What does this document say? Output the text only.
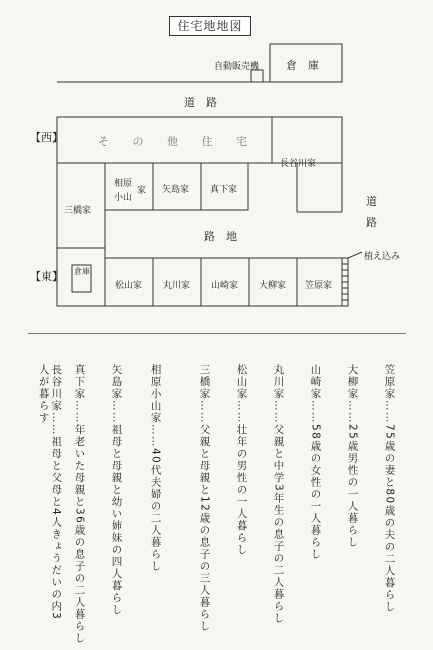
住宅地地図
自動販売機 倉　庫
道　路
【西】	そ の 他 住 宅
長谷川家
道
路
三橋家
相原
小山
家 矢島家 真下家
路　地
植え込み
【東】 倉庫
松山家 丸川家 山崎家 大柳家 笠原家
笠原家……75歳の妻と80歳の夫の二人暮らし
大柳家……25歳男性の一人暮らし
山崎家……58歳の女性の一人暮らし
丸川家……父親と中学3年生の息子の二人暮らし
松山家……壮年の男性の一人暮らし
三橋家……父親と母親と12歳の息子の三人暮らし
相原小山家……40代夫婦の二人暮らし
矢島家……祖母と母親と幼い姉妹の四人暮らし
真下家……年老いた母親と36歳の息子の二人暮らし
長谷川家……祖母と父母と4人きょうだいの内3人が暮らす
